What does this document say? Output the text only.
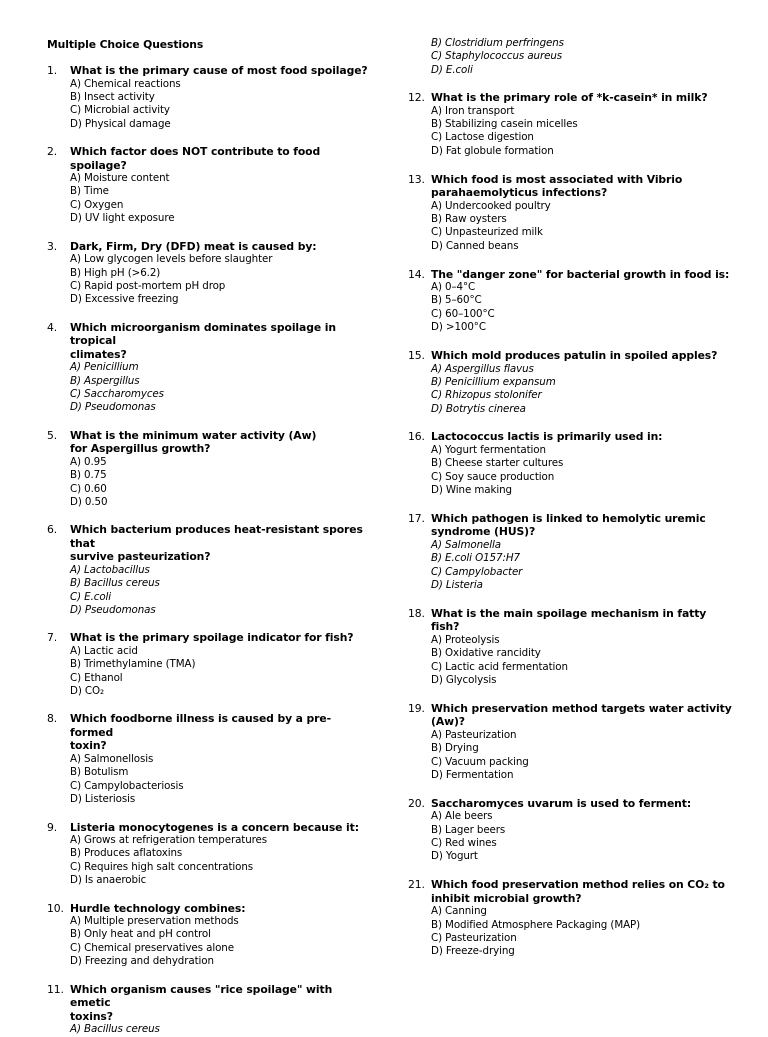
Multiple Choice Questions
1.	What is the primary cause of most food spoilage?
A) Chemical reactions
B) Insect activity
C) Microbial activity
D) Physical damage
2.	Which factor does NOT contribute to food spoilage?
A) Moisture content
B) Time
C) Oxygen
D) UV light exposure
3.	Dark, Firm, Dry (DFD) meat is caused by:
A) Low glycogen levels before slaughter
B) High pH (>6.2)
C) Rapid post-mortem pH drop
D) Excessive freezing
4.	Which microorganism dominates spoilage in tropical
climates?
A) Penicillium
B) Aspergillus
C) Saccharomyces
D) Pseudomonas
5.	What is the minimum water activity (Aw)
for Aspergillus growth?
A) 0.95
B) 0.75
C) 0.60
D) 0.50
6.	Which bacterium produces heat-resistant spores that
survive pasteurization?
A) Lactobacillus
B) Bacillus cereus
C) E.coli
D) Pseudomonas
7.	What is the primary spoilage indicator for fish?
A) Lactic acid
B) Trimethylamine (TMA)
C) Ethanol
D) CO₂
8.	Which foodborne illness is caused by a pre-formed
toxin?
A) Salmonellosis
B) Botulism
C) Campylobacteriosis
D) Listeriosis
9.	Listeria monocytogenes is a concern because it:
A) Grows at refrigeration temperatures
B) Produces aflatoxins
C) Requires high salt concentrations
D) Is anaerobic
10. Hurdle technology combines:
A) Multiple preservation methods
B) Only heat and pH control
C) Chemical preservatives alone
D) Freezing and dehydration
11. Which organism causes "rice spoilage" with emetic
toxins?
A) Bacillus cereus
B) Clostridium perfringens
C) Staphylococcus aureus
D) E.coli
12. What is the primary role of *k-casein* in milk?
A) Iron transport
B) Stabilizing casein micelles
C) Lactose digestion
D) Fat globule formation
13. Which food is most associated with Vibrio
parahaemolyticus infections?
A) Undercooked poultry
B) Raw oysters
C) Unpasteurized milk
D) Canned beans
14. The "danger zone" for bacterial growth in food is:
A) 0–4°C
B) 5–60°C
C) 60–100°C
D) >100°C
15. Which mold produces patulin in spoiled apples?
A) Aspergillus flavus
B) Penicillium expansum
C) Rhizopus stolonifer
D) Botrytis cinerea
16. Lactococcus lactis is primarily used in:
A) Yogurt fermentation
B) Cheese starter cultures
C) Soy sauce production
D) Wine making
17. Which pathogen is linked to hemolytic uremic
syndrome (HUS)?
A) Salmonella
B) E.coli O157:H7
C) Campylobacter
D) Listeria
18. What is the main spoilage mechanism in fatty fish?
A) Proteolysis
B) Oxidative rancidity
C) Lactic acid fermentation
D) Glycolysis
19. Which preservation method targets water activity
(Aw)?
A) Pasteurization
B) Drying
C) Vacuum packing
D) Fermentation
20. Saccharomyces uvarum is used to ferment:
A) Ale beers
B) Lager beers
C) Red wines
D) Yogurt
21. Which food preservation method relies on CO₂ to
inhibit microbial growth?
A) Canning
B) Modified Atmosphere Packaging (MAP)
C) Pasteurization
D) Freeze-drying
